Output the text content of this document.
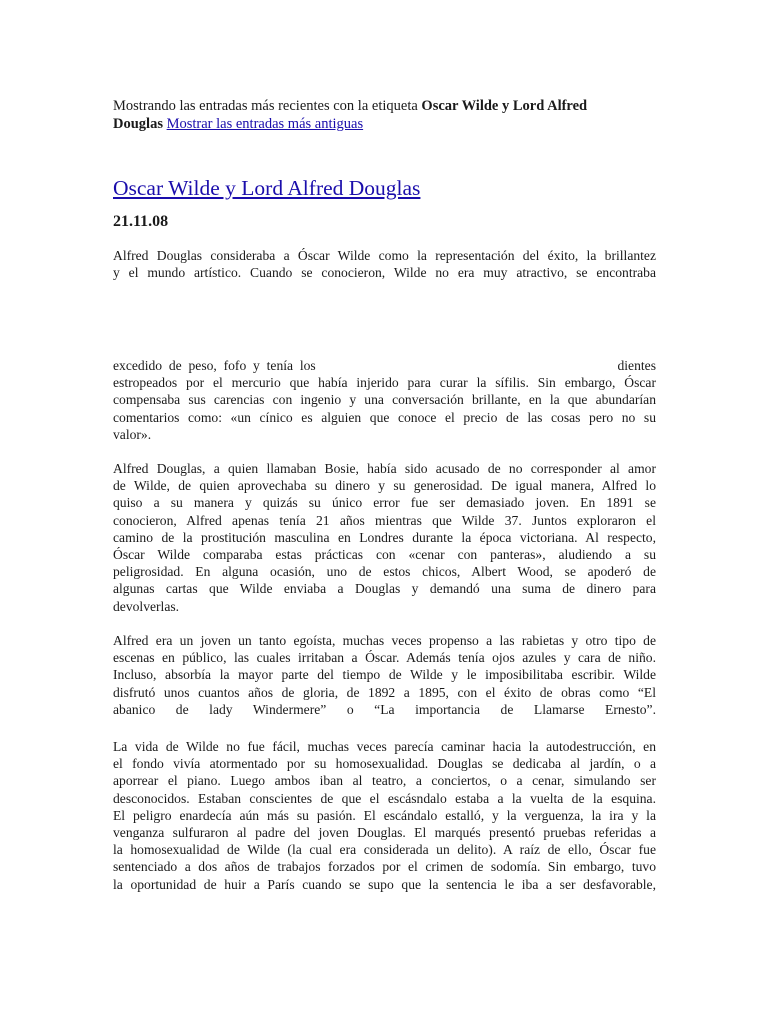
Mostrando las entradas más recientes con la etiqueta Oscar Wilde y Lord Alfred
Douglas Mostrar las entradas más antiguas
Oscar Wilde y Lord Alfred Douglas
21.11.08
Alfred Douglas consideraba a Óscar Wilde como la representación del éxito, la brillantez
y el mundo artístico. Cuando se conocieron, Wilde no era muy atractivo, se encontraba
excedido  de  peso,  fofo  y  tenía  los	dientes
estropeados por el mercurio que había injerido para curar la sífilis. Sin embargo, Óscar
compensaba sus carencias con ingenio y una conversación brillante, en la que abundarían
comentarios como: «un cínico es alguien que conoce el precio de las cosas pero no su
valor».
Alfred Douglas, a quien llamaban Bosie, había sido acusado de no corresponder al amor
de Wilde, de quien aprovechaba su dinero y su generosidad. De igual manera, Alfred lo
quiso a su manera y quizás su único error fue ser demasiado joven. En 1891 se
conocieron, Alfred apenas tenía 21 años mientras que Wilde 37. Juntos exploraron el
camino de la prostitución masculina en Londres durante la época victoriana. Al respecto,
Óscar Wilde comparaba estas prácticas con «cenar con panteras», aludiendo a su
peligrosidad. En alguna ocasión, uno de estos chicos, Albert Wood, se apoderó de
algunas cartas que Wilde enviaba a Douglas y demandó una suma de dinero para
devolverlas.
Alfred era un joven un tanto egoísta, muchas veces propenso a las rabietas y otro tipo de
escenas en público, las cuales irritaban a Óscar. Además tenía ojos azules y cara de niño.
Incluso, absorbía la mayor parte del tiempo de Wilde y le imposibilitaba escribir. Wilde
disfrutó unos cuantos años de gloria, de 1892 a 1895, con el éxito de obras como “El
abanico de lady Windermere” o “La importancia de Llamarse Ernesto”.
La vida de Wilde no fue fácil, muchas veces parecía caminar hacia la autodestrucción, en
el fondo vivía atormentado por su homosexualidad. Douglas se dedicaba al jardín, o a
aporrear el piano. Luego ambos iban al teatro, a conciertos, o a cenar, simulando ser
desconocidos. Estaban conscientes de que el escásndalo estaba a la vuelta de la esquina.
El peligro enardecía aún más su pasión. El escándalo estalló, y la verguenza, la ira y la
venganza sulfuraron al padre del joven Douglas. El marqués presentó pruebas referidas a
la homosexualidad de Wilde (la cual era considerada un delito). A raíz de ello, Óscar fue
sentenciado a dos años de trabajos forzados por el crimen de sodomía. Sin embargo, tuvo
la oportunidad de huir a París cuando se supo que la sentencia le iba a ser desfavorable,
